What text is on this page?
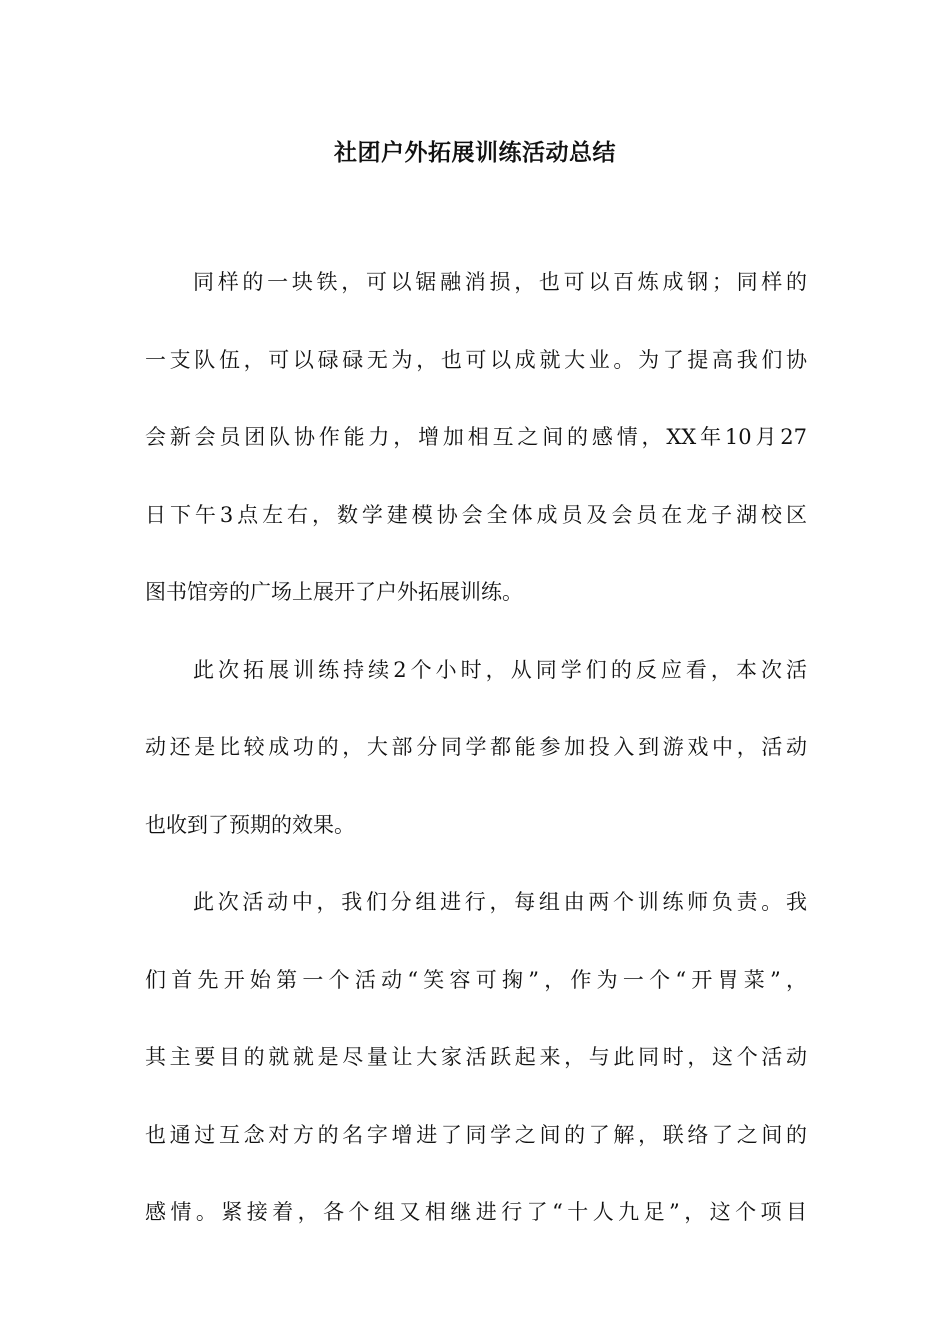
社团户外拓展训练活动总结

同样的一块铁，可以锯融消损，也可以百炼成钢；同样的
一支队伍，可以碌碌无为，也可以成就大业。为了提高我们协
会新会员团队协作能力，增加相互之间的感情，XX年10月27
日下午3点左右，数学建模协会全体成员及会员在龙子湖校区
图书馆旁的广场上展开了户外拓展训练。

此次拓展训练持续2个小时，从同学们的反应看，本次活
动还是比较成功的，大部分同学都能参加投入到游戏中，活动
也收到了预期的效果。

此次活动中，我们分组进行，每组由两个训练师负责。我
们首先开始第一个活动“笑容可掬”，作为一个“开胃菜”，
其主要目的就就是尽量让大家活跃起来，与此同时，这个活动
也通过互念对方的名字增进了同学之间的了解，联络了之间的
感情。紧接着，各个组又相继进行了“十人九足”，这个项目
